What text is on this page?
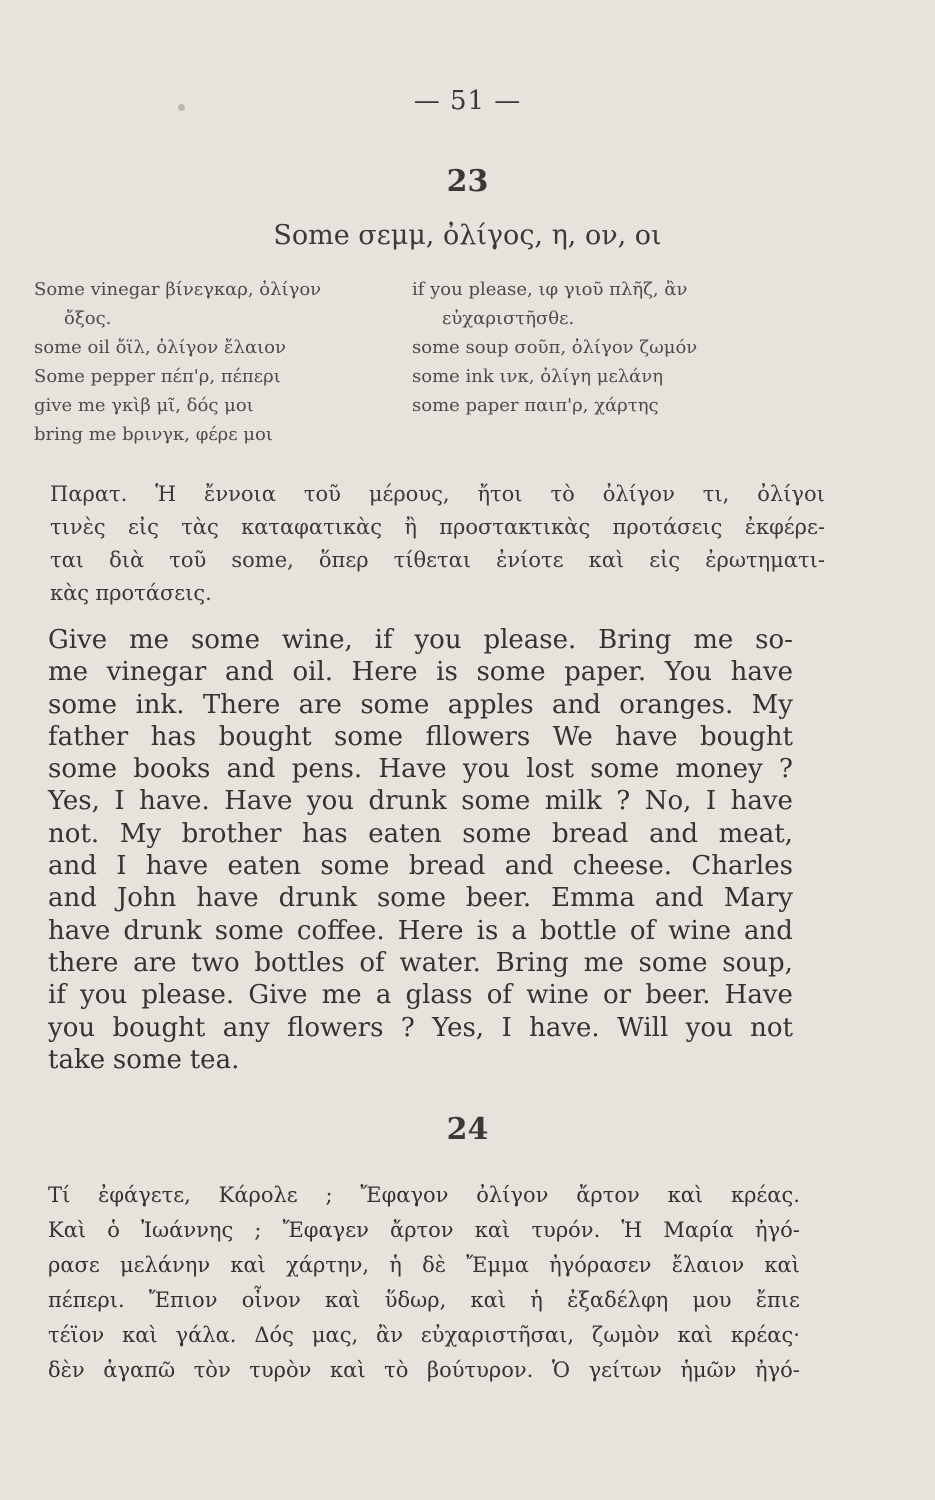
— 51 —
23
Some σεμμ, ὀλίγος, η, ον, οι
Some vinegar βίνεγκαρ, ὀλίγον
ὄξος.
some oil ὄϊλ, ὀλίγον ἔλαιον
Some pepper πέπ'ρ, πέπερι
give me γκὶβ μῖ, δός μοι
bring me bρινγκ, φέρε μοι
if you please, ιφ γιοῦ πλῆζ, ἂν
εὐχαριστῆσθε.
some soup σοῦπ, ὀλίγον ζωμόν
some ink ινκ, ὀλίγη μελάνη
some paper παιπ'ρ, χάρτης
Παρατ. Ἡ ἔννοια τοῦ μέρους, ἤτοι τὸ ὀλίγον τι, ὀλίγοι
τινὲς εἰς τὰς καταφατικὰς ἢ προστακτικὰς προτάσεις ἐκφέρε-
ται διὰ τοῦ some, ὅπερ τίθεται ἐνίοτε καὶ εἰς ἐρωτηματι-
κὰς προτάσεις.
Give me some wine, if you please. Bring me so-
me vinegar and oil. Here is some paper. You have
some ink. There are some apples and oranges. My
father has bought some fllowers We have bought
some books and pens. Have you lost some money ?
Yes, I have. Have you drunk some milk ? No, I have
not. My brother has eaten some bread and meat,
and I have eaten some bread and cheese. Charles
and John have drunk some beer. Emma and Mary
have drunk some coffee. Here is a bottle of wine and
there are two bottles of water. Bring me some soup,
if you please. Give me a glass of wine or beer. Have
you bought any flowers ? Yes, I have. Will you not
take some tea.
24
Τί ἐφάγετε, Κάρολε ; Ἔφαγον ὀλίγον ἄρτον καὶ κρέας.
Καὶ ὁ Ἰωάννης ; Ἔφαγεν ἄρτον καὶ τυρόν. Ἡ Μαρία ἠγό-
ρασε μελάνην καὶ χάρτην, ἡ δὲ Ἔμμα ἠγόρασεν ἔλαιον καὶ
πέπερι. Ἔπιον οἶνον καὶ ὕδωρ, καὶ ἡ ἐξαδέλφη μου ἔπιε
τέϊον καὶ γάλα. Δός μας, ἂν εὐχαριστῆσαι, ζωμὸν καὶ κρέας·
δὲν ἀγαπῶ τὸν τυρὸν καὶ τὸ βούτυρον. Ὁ γείτων ἡμῶν ἠγό-
